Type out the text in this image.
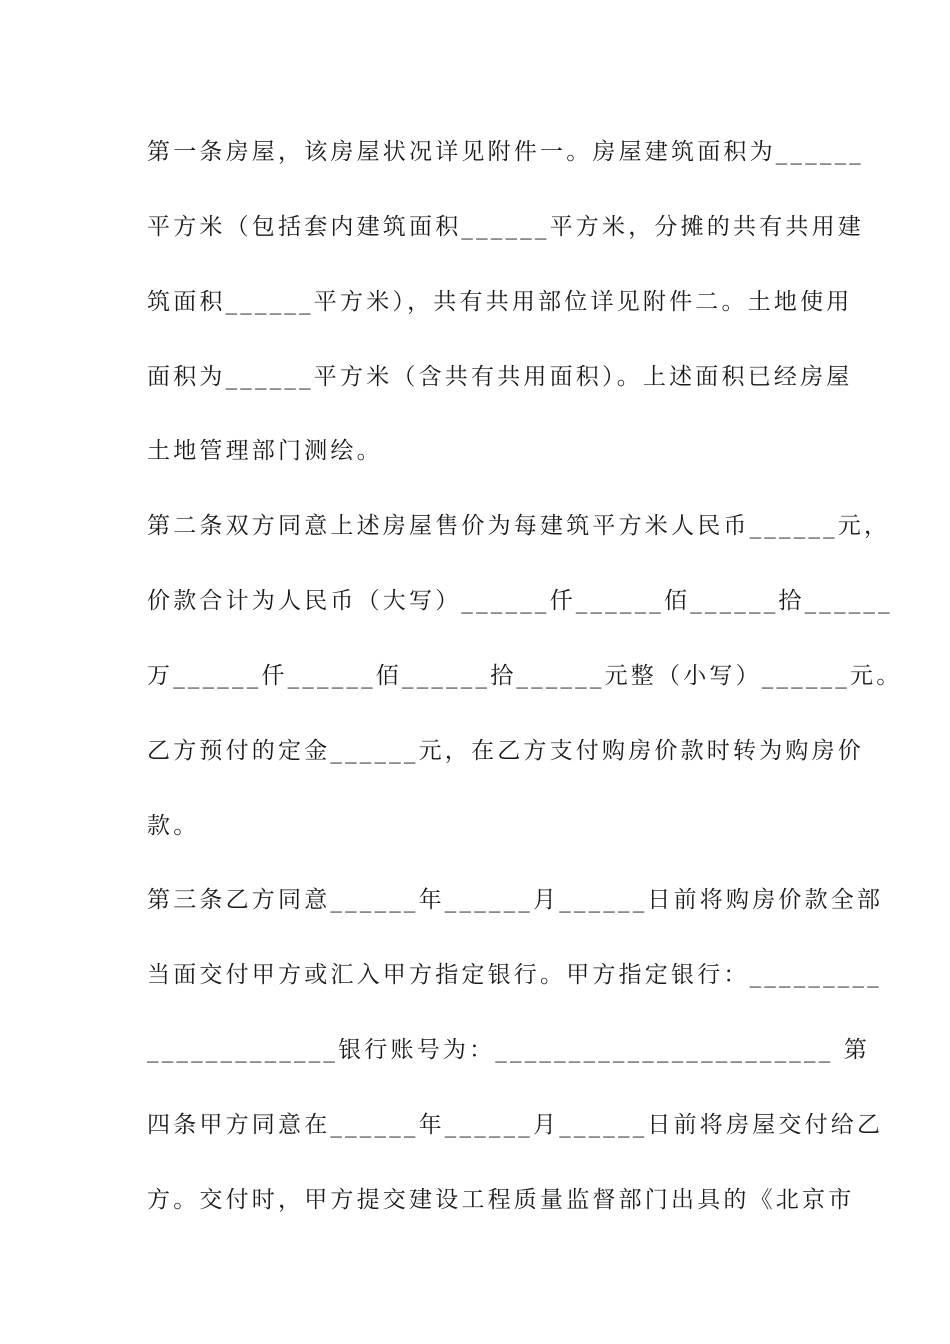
第一条房屋，该房屋状况详见附件一。房屋建筑面积为______
平方米（包括套内建筑面积______平方米，分摊的共有共用建
筑面积______平方米），共有共用部位详见附件二。土地使用
面积为______平方米（含共有共用面积）。上述面积已经房屋
土地管理部门测绘。
第二条双方同意上述房屋售价为每建筑平方米人民币______元，
价款合计为人民币（大写）______仟______佰______拾______
万______仟______佰______拾______元整（小写）______元。
乙方预付的定金______元，在乙方支付购房价款时转为购房价
款。
第三条乙方同意______年______月______日前将购房价款全部
当面交付甲方或汇入甲方指定银行。甲方指定银行：_________
_____________银行账号为：_______________________ 第
四条甲方同意在______年______月______日前将房屋交付给乙
方。交付时，甲方提交建设工程质量监督部门出具的《北京市
